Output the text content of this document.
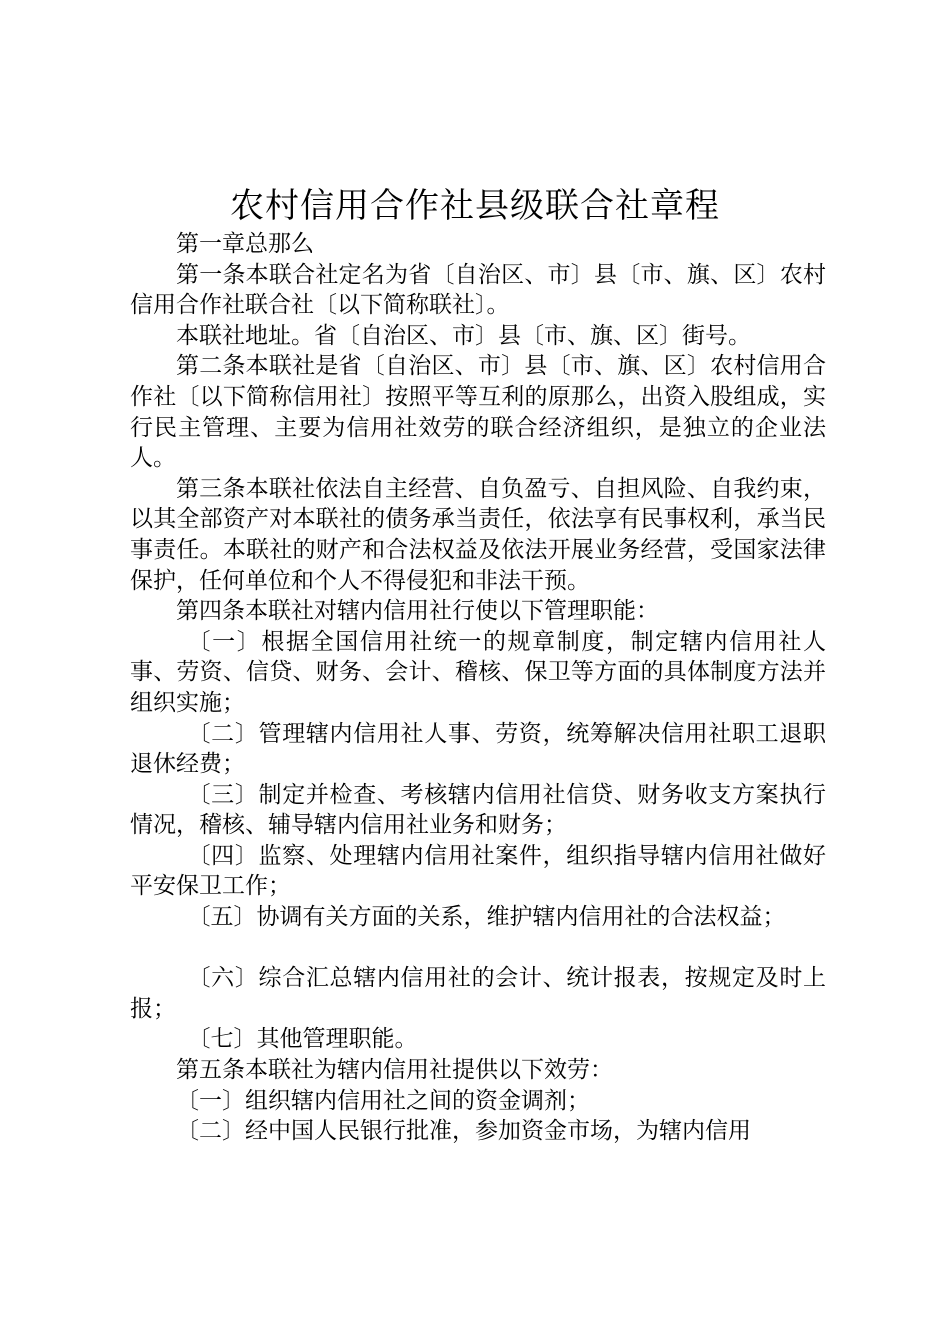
农村信用合作社县级联合社章程

第一章总那么

第一条本联合社定名为省〔自治区、市〕县〔市、旗、区〕农村信用合作社联合社〔以下简称联社〕。

本联社地址。省〔自治区、市〕县〔市、旗、区〕街号。

第二条本联社是省〔自治区、市〕县〔市、旗、区〕农村信用合作社〔以下简称信用社〕按照平等互利的原那么，出资入股组成，实行民主管理、主要为信用社效劳的联合经济组织，是独立的企业法人。

第三条本联社依法自主经营、自负盈亏、自担风险、自我约束，以其全部资产对本联社的债务承当责任，依法享有民事权利，承当民事责任。本联社的财产和合法权益及依法开展业务经营，受国家法律保护，任何单位和个人不得侵犯和非法干预。

第四条本联社对辖内信用社行使以下管理职能：

〔一〕根据全国信用社统一的规章制度，制定辖内信用社人事、劳资、信贷、财务、会计、稽核、保卫等方面的具体制度方法并组织实施；

〔二〕管理辖内信用社人事、劳资，统筹解决信用社职工退职退休经费；

〔三〕制定并检查、考核辖内信用社信贷、财务收支方案执行情况，稽核、辅导辖内信用社业务和财务；

〔四〕监察、处理辖内信用社案件，组织指导辖内信用社做好平安保卫工作；

〔五〕协调有关方面的关系，维护辖内信用社的合法权益；

〔六〕综合汇总辖内信用社的会计、统计报表，按规定及时上报；

〔七〕其他管理职能。

第五条本联社为辖内信用社提供以下效劳：

〔一〕组织辖内信用社之间的资金调剂；

〔二〕经中国人民银行批准，参加资金市场，为辖内信用
